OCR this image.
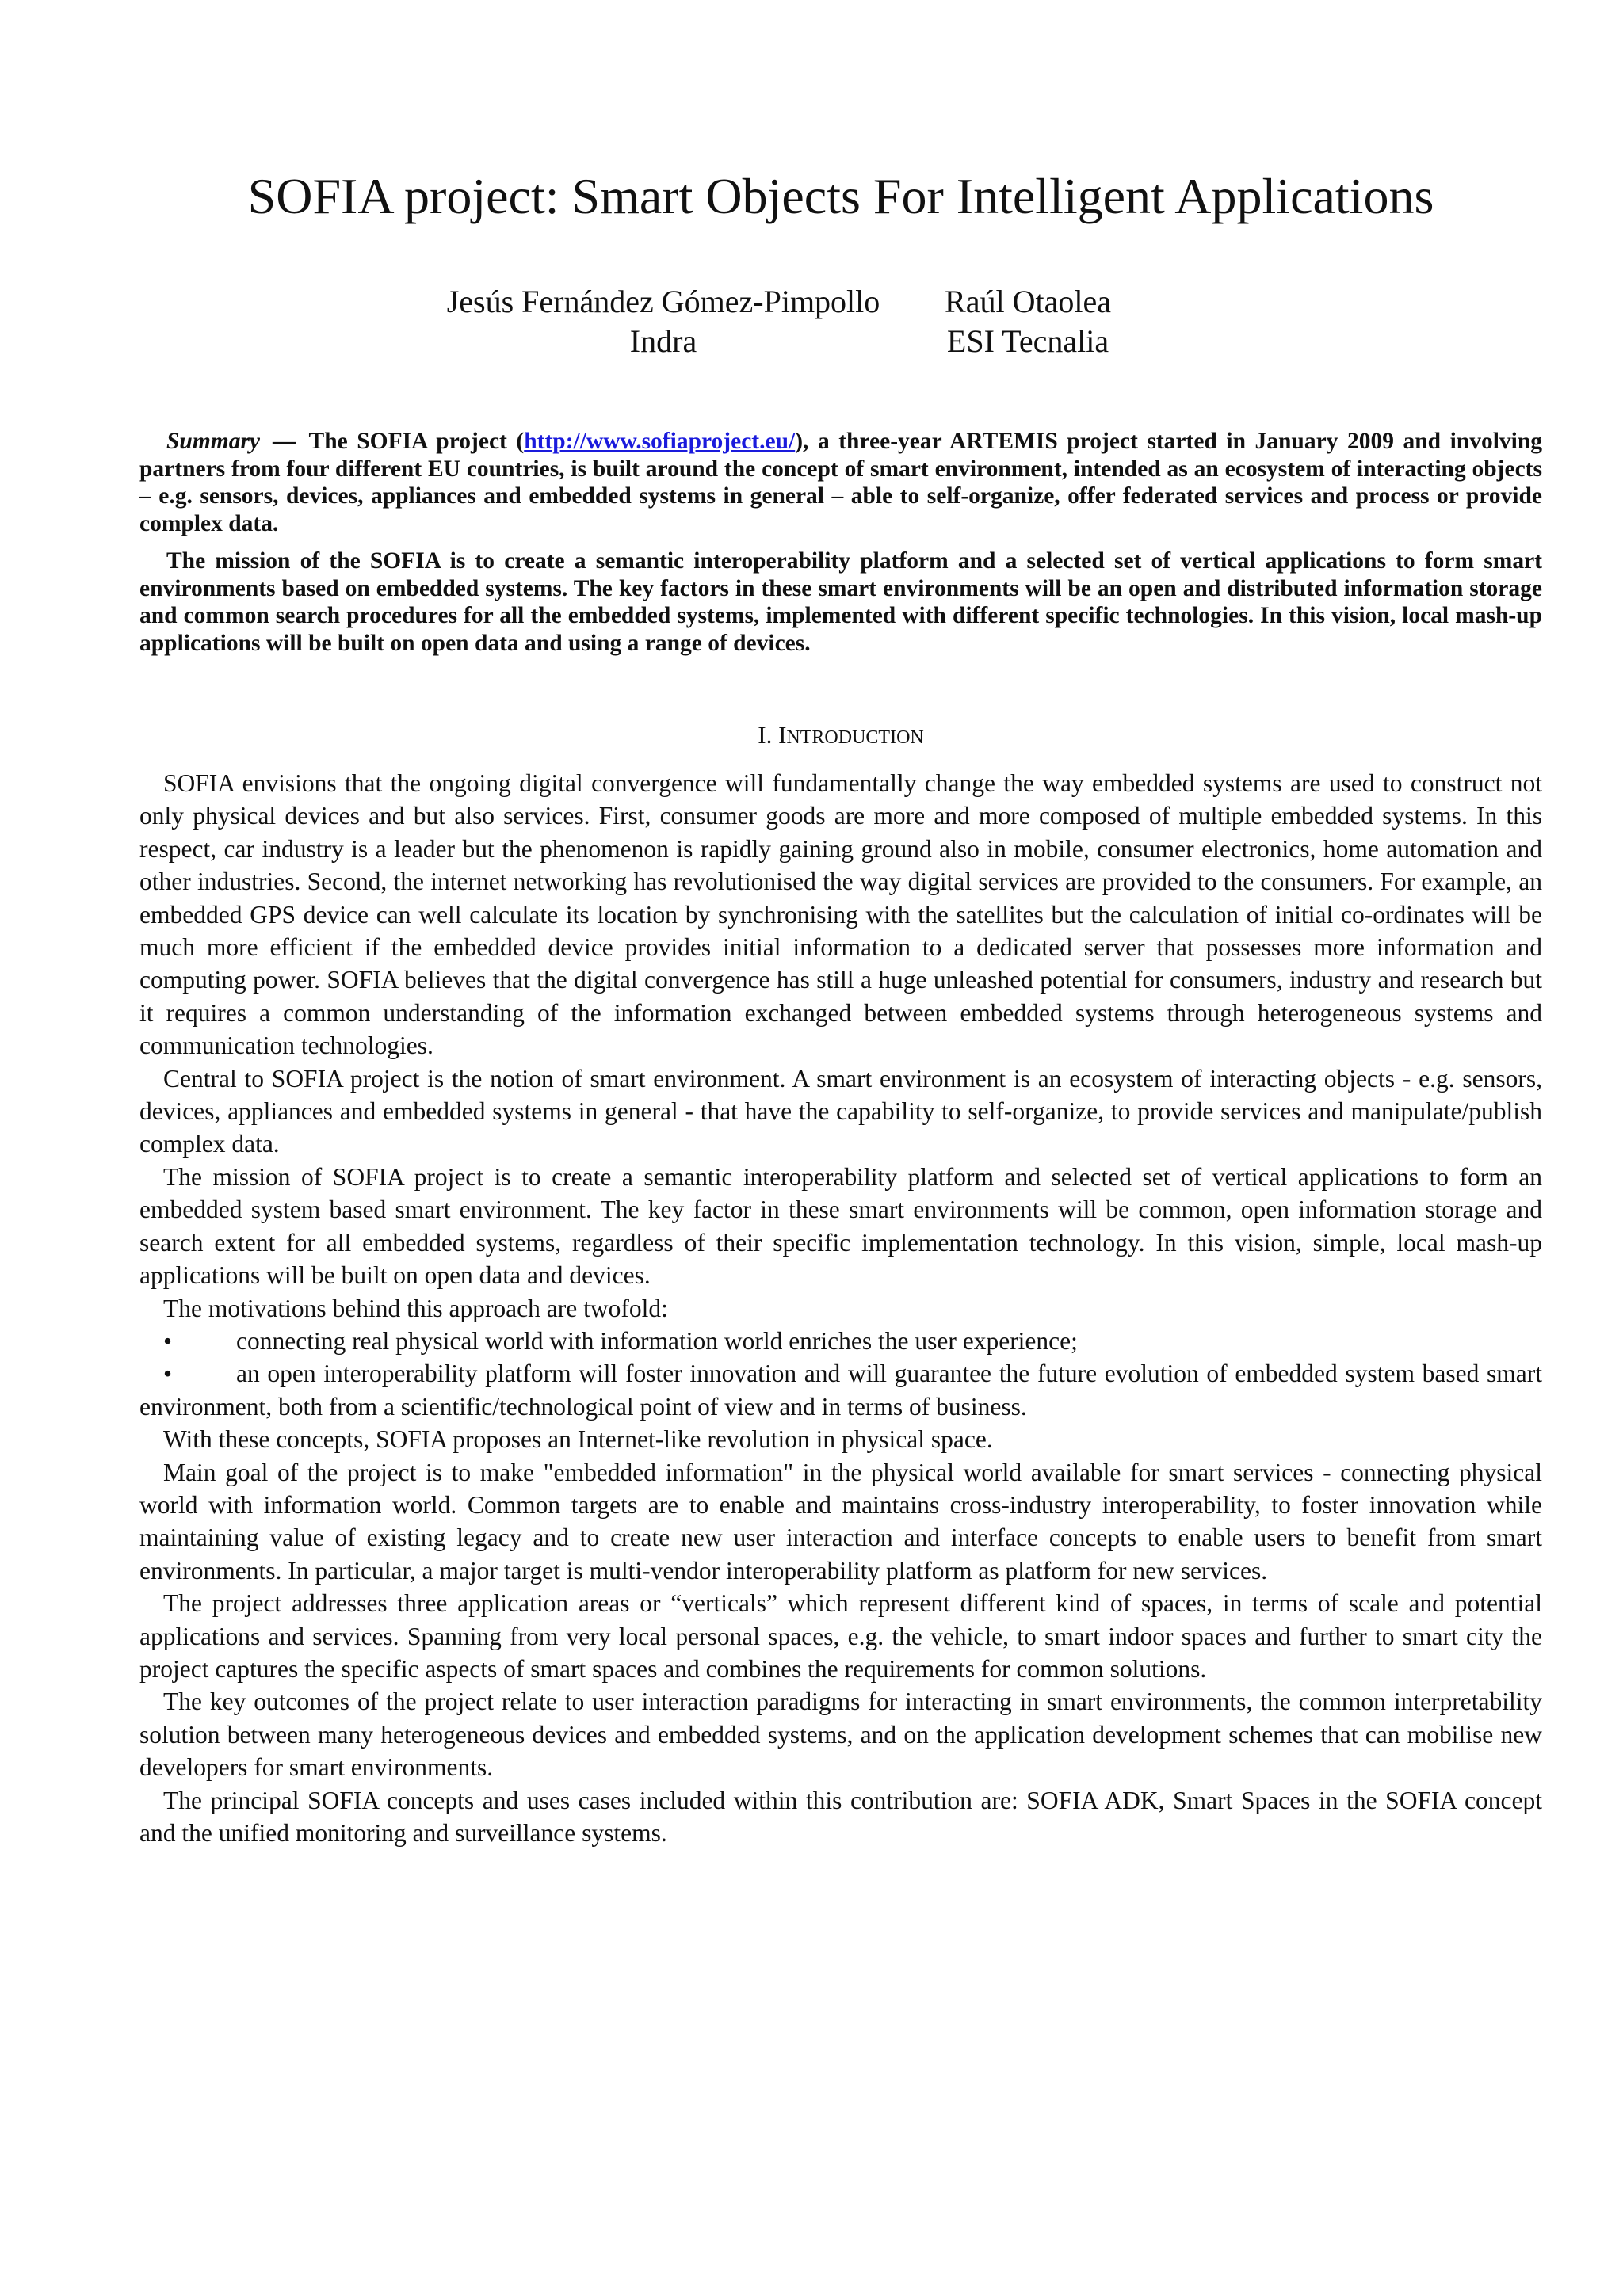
SOFIA project: Smart Objects For Intelligent Applications
Jesús Fernández Gómez-Pimpollo
Indra
Raúl Otaolea
ESI Tecnalia

Summary — The SOFIA project (http://www.sofiaproject.eu/), a three-year ARTEMIS project started in January 2009 and involving partners from four different EU countries, is built around the concept of smart environment, intended as an ecosystem of interacting objects – e.g. sensors, devices, appliances and embedded systems in general – able to self-organize, offer federated services and process or provide complex data.

The mission of the SOFIA is to create a semantic interoperability platform and a selected set of vertical applications to form smart environments based on embedded systems. The key factors in these smart environments will be an open and distributed information storage and common search procedures for all the embedded systems, implemented with different specific technologies. In this vision, local mash-up applications will be built on open data and using a range of devices.

I. INTRODUCTION

SOFIA envisions that the ongoing digital convergence will fundamentally change the way embedded systems are used to construct not only physical devices and but also services. First, consumer goods are more and more composed of multiple embedded systems. In this respect, car industry is a leader but the phenomenon is rapidly gaining ground also in mobile, consumer electronics, home automation and other industries. Second, the internet networking has revolutionised the way digital services are provided to the consumers. For example, an embedded GPS device can well calculate its location by synchronising with the satellites but the calculation of initial co-ordinates will be much more efficient if the embedded device provides initial information to a dedicated server that possesses more information and computing power. SOFIA believes that the digital convergence has still a huge unleashed potential for consumers, industry and research but it requires a common understanding of the information exchanged between embedded systems through heterogeneous systems and communication technologies.

Central to SOFIA project is the notion of smart environment. A smart environment is an ecosystem of interacting objects - e.g. sensors, devices, appliances and embedded systems in general - that have the capability to self-organize, to provide services and manipulate/publish complex data.

The mission of SOFIA project is to create a semantic interoperability platform and selected set of vertical applications to form an embedded system based smart environment. The key factor in these smart environments will be common, open information storage and search extent for all embedded systems, regardless of their specific implementation technology. In this vision, simple, local mash-up applications will be built on open data and devices.

The motivations behind this approach are twofold:

•	connecting real physical world with information world enriches the user experience;
•	an open interoperability platform will foster innovation and will guarantee the future evolution of embedded system based smart environment, both from a scientific/technological point of view and in terms of business.

With these concepts, SOFIA proposes an Internet-like revolution in physical space.

Main goal of the project is to make "embedded information" in the physical world available for smart services - connecting physical world with information world. Common targets are to enable and maintains cross-industry interoperability, to foster innovation while maintaining value of existing legacy and to create new user interaction and interface concepts to enable users to benefit from smart environments. In particular, a major target is multi-vendor interoperability platform as platform for new services.

The project addresses three application areas or “verticals” which represent different kind of spaces, in terms of scale and potential applications and services. Spanning from very local personal spaces, e.g. the vehicle, to smart indoor spaces and further to smart city the project captures the specific aspects of smart spaces and combines the requirements for common solutions.

The key outcomes of the project relate to user interaction paradigms for interacting in smart environments, the common interpretability solution between many heterogeneous devices and embedded systems, and on the application development schemes that can mobilise new developers for smart environments.

The principal SOFIA concepts and uses cases included within this contribution are: SOFIA ADK, Smart Spaces in the SOFIA concept and the unified monitoring and surveillance systems.
